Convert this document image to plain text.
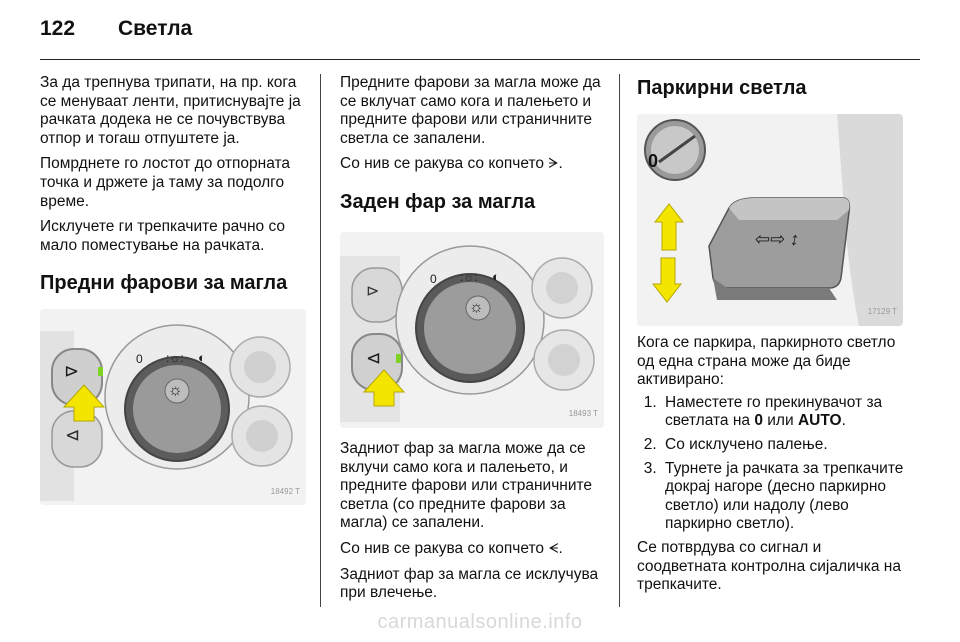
122 Светла

За да трепнува трипати, на пр. кога се менуваат ленти, притиснувајте ја рачката додека не се почувствува отпор и тогаш отпуштете ја.

Помрднете го лостот до отпорната точка и држете ја таму за подолго време.

Исклучете ги трепкачите рачно со мало поместување на рачката.

Предни фарови за магла
⊳
⊲
0 :☼: ◐
☼
18492 T

Предните фарови за магла може да се вклучат само кога и палењето и предните фарови или страничните светла се запалени.

Со нив се ракува со копчето ᗒ.

Заден фар за магла
⊳
⊲
0 :☼: ◐
☼
18493 T

Задниот фар за магла може да се вклучи само кога и палењето, и предните фарови или страничните светла (со предните фарови за магла) се запалени.

Со нив се ракува со копчето ᗕ.

Задниот фар за магла се исклучува при влечење.

Паркирни светла
0
⇦⇨ ↕
17129 T

Кога се паркира, паркирното светло од една страна може да биде активирано:

1. Наместете го прекинувачот за светлата на 0 или AUTO.
2. Со исклучено палење.
3. Турнете ја рачката за трепкачите докрај нагоре (десно паркирно светло) или надолу (лево паркирно светло).

Се потврдува со сигнал и соодветната контролна сијаличка на трепкачите.

carmanualsonline.info
